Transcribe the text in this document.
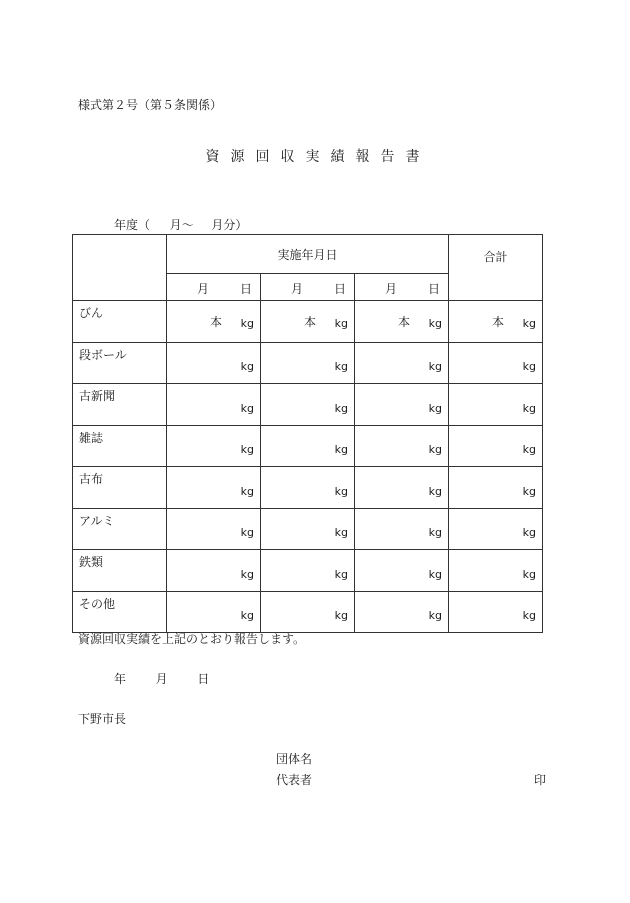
様式第２号（第５条関係）
資源回収実績報告書
年度（ 月〜 月分）
	実施年月日			合計

	月 日	月 日	月 日	

びん	本 kg	本 kg	本 kg	本 kg

段ボール	kg	kg	kg	kg

古新聞	kg	kg	kg	kg

雑誌	kg	kg	kg	kg

古布	kg	kg	kg	kg

アルミ	kg	kg	kg	kg

鉄類	kg	kg	kg	kg

その他	kg	kg	kg	kg
資源回収実績を上記のとおり報告します。
年 月 日
下野市長
団体名
代表者	印
